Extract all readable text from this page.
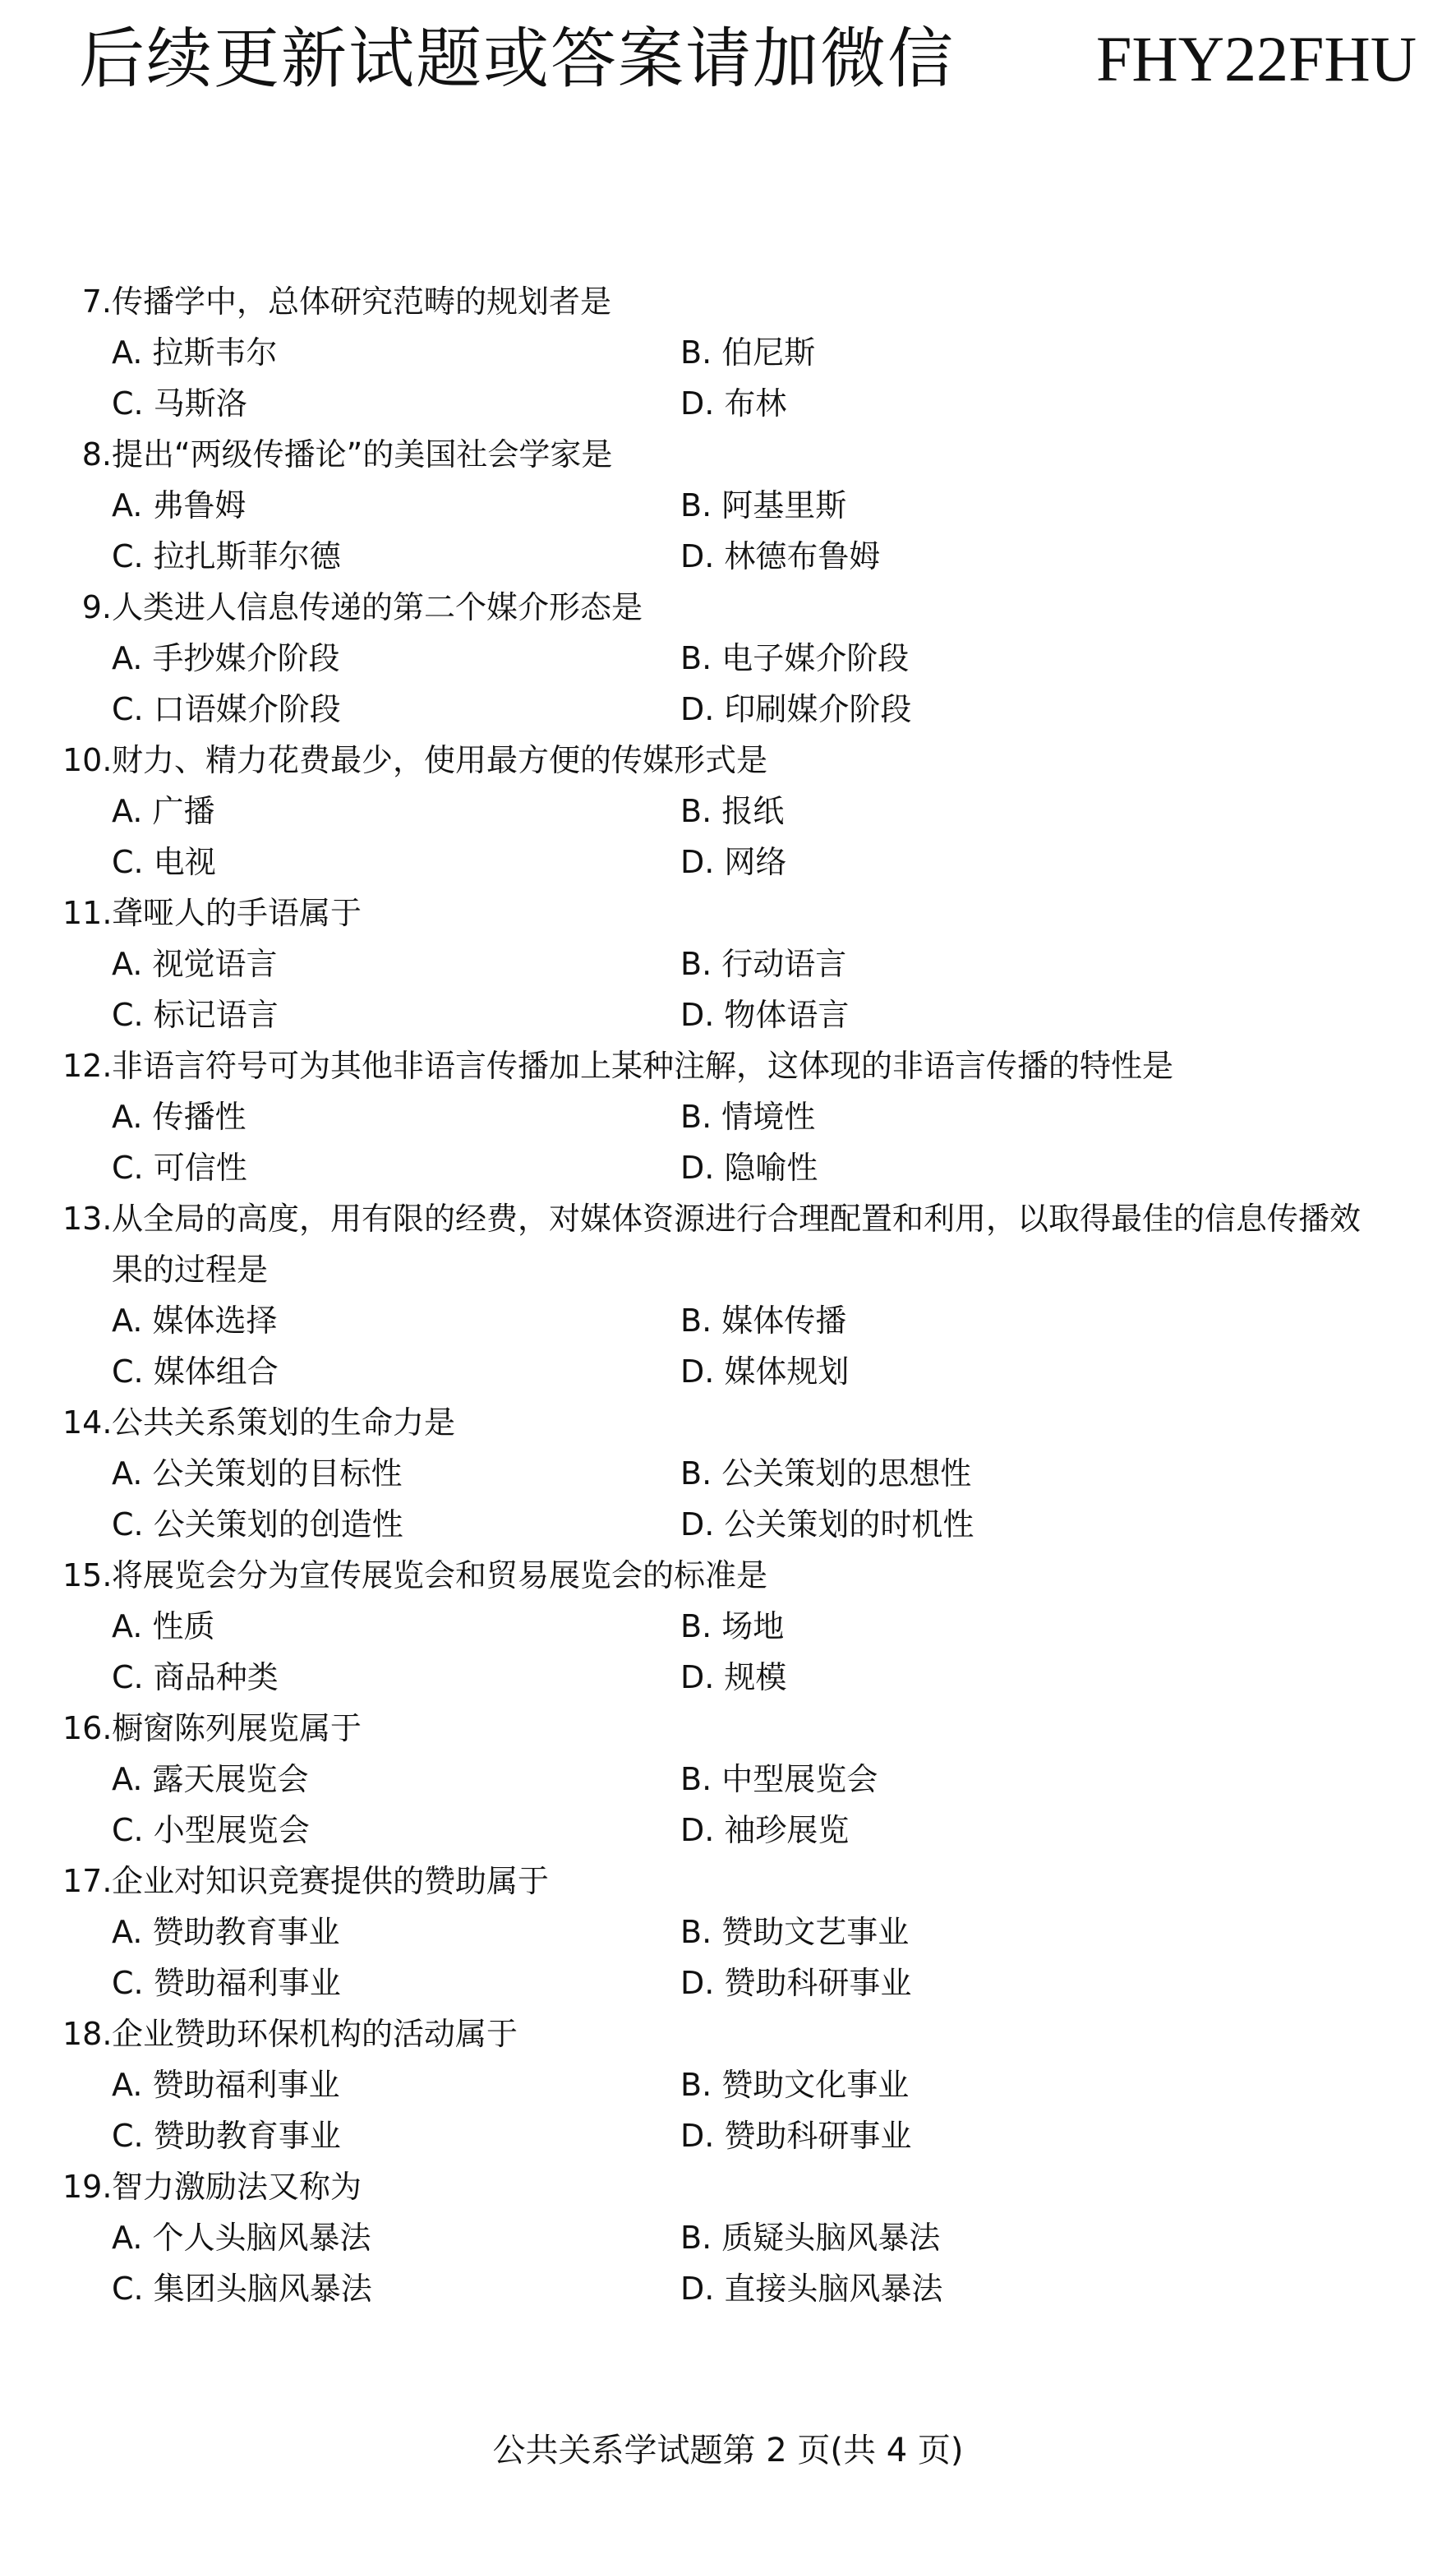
后续更新试题或答案请加微信 FHY22FHU
7.传播学中，总体研究范畴的规划者是
A. 拉斯韦尔	B. 伯尼斯
C. 马斯洛	D. 布林
8.提出“两级传播论”的美国社会学家是
A. 弗鲁姆	B. 阿基里斯
C. 拉扎斯菲尔德	D. 林德布鲁姆
9.人类进人信息传递的第二个媒介形态是
A. 手抄媒介阶段	B. 电子媒介阶段
C. 口语媒介阶段	D. 印刷媒介阶段
10.财力、精力花费最少，使用最方便的传媒形式是
A. 广播	B. 报纸
C. 电视	D. 网络
11.聋哑人的手语属于
A. 视觉语言	B. 行动语言
C. 标记语言	D. 物体语言
12.非语言符号可为其他非语言传播加上某种注解，这体现的非语言传播的特性是
A. 传播性	B. 情境性
C. 可信性	D. 隐喻性
13.从全局的高度，用有限的经费，对媒体资源进行合理配置和利用，以取得最佳的信息传播效果的过程是
A. 媒体选择	B. 媒体传播
C. 媒体组合	D. 媒体规划
14.公共关系策划的生命力是
A. 公关策划的目标性	B. 公关策划的思想性
C. 公关策划的创造性	D. 公关策划的时机性
15.将展览会分为宣传展览会和贸易展览会的标准是
A. 性质	B. 场地
C. 商品种类	D. 规模
16.橱窗陈列展览属于
A. 露天展览会	B. 中型展览会
C. 小型展览会	D. 袖珍展览
17.企业对知识竞赛提供的赞助属于
A. 赞助教育事业	B. 赞助文艺事业
C. 赞助福利事业	D. 赞助科研事业
18.企业赞助环保机构的活动属于
A. 赞助福利事业	B. 赞助文化事业
C. 赞助教育事业	D. 赞助科研事业
19.智力激励法又称为
A. 个人头脑风暴法	B. 质疑头脑风暴法
C. 集团头脑风暴法	D. 直接头脑风暴法
公共关系学试题第 2 页(共 4 页)
